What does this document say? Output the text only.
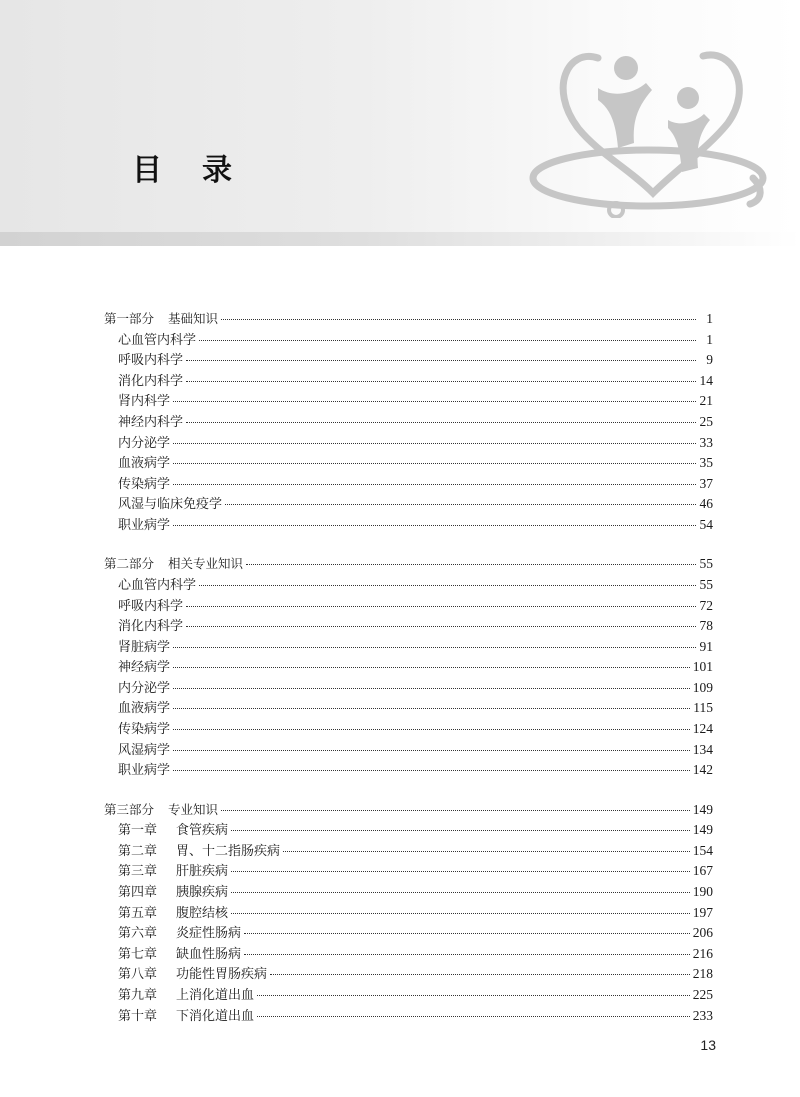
目录
第一部分 基础知识	1
心血管内科学	1
呼吸内科学	9
消化内科学	14
肾内科学	21
神经内科学	25
内分泌学	33
血液病学	35
传染病学	37
风湿与临床免疫学	46
职业病学	54
第二部分 相关专业知识	55
心血管内科学	55
呼吸内科学	72
消化内科学	78
肾脏病学	91
神经病学	101
内分泌学	109
血液病学	115
传染病学	124
风湿病学	134
职业病学	142
第三部分 专业知识	149
第一章	食管疾病	149
第二章	胃、十二指肠疾病	154
第三章	肝脏疾病	167
第四章	胰腺疾病	190
第五章	腹腔结核	197
第六章	炎症性肠病	206
第七章	缺血性肠病	216
第八章	功能性胃肠疾病	218
第九章	上消化道出血	225
第十章	下消化道出血	233
13
